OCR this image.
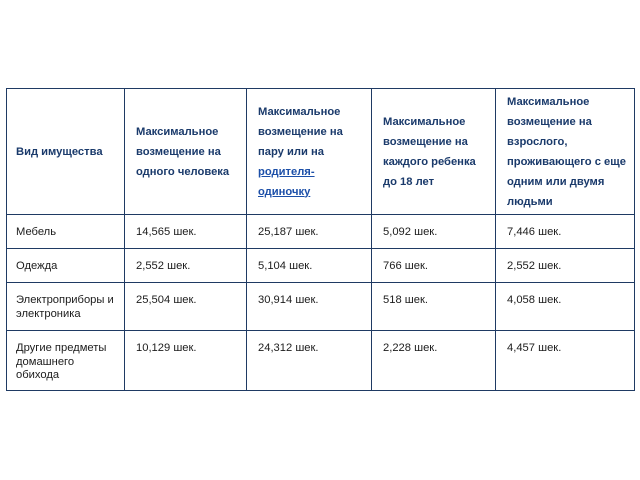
Вид имущества	Максимальное возмещение на одного человека	Максимальное возмещение на пару или на родителя-одиночку	Максимальное возмещение на каждого ребенка до 18 лет	Максимальное возмещение на взрослого, проживающего с еще одним или двумя людьми
Мебель	14,565 шек.	25,187 шек.	5,092 шек.	7,446 шек.
Одежда	2,552 шек.	5,104 шек.	766 шек.	2,552 шек.
Электроприборы и электроника	25,504 шек.	30,914 шек.	518 шек.	4,058 шек.
Другие предметы домашнего обихода	10,129 шек.	24,312 шек.	2,228 шек.	4,457 шек.
